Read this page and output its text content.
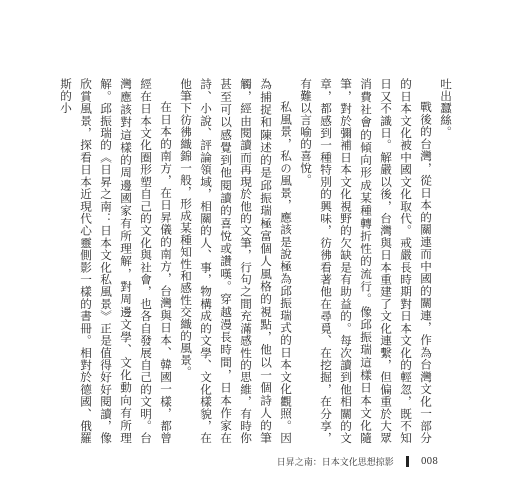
吐出蠶絲。

戰後的台灣，從日本的關連而中國的關連，作為台灣文化一部分的日本文化被中國文化取代。戒嚴長時期對日本文化的輕忽，既不知日又不識日。解嚴以後，台灣與日本重建了文化連繫，但偏重於大眾消費社會的傾向形成某種轉折性的流行。像邱振瑞這樣日本文化隨筆，對於彌補日本文化視野的欠缺是有助益的。每次讀到他相關的文章，都感到一種特別的興味，彷彿看著他在尋覓、在挖掘，在分享，有難以言喻的喜悅。

私風景，私の風景，應該是說極為邱振瑞式的日本文化觀照。因為捕捉和陳述的是邱振瑞極富個人風格的視點，他以一個詩人的筆觸，經由閱讀而再現於他的文筆，行句之間充滿感性的思維，有時你甚至可以感覺到他閱讀的喜悅或讚嘆。穿越漫長時間，日本作家在詩、小說、評論領域，相關的人、事，物構成的文學、文化樣貌，在他筆下彷彿織錦一般，形成某種知性和感性交織的風景。

在日本的南方，在日昇儀的南方，台灣與日本、韓國一樣，都曾經在日本文化圈形塑自己的文化與社會，也各自發展自己的文明。台灣應該對這樣的周邊國家有所理解，對周邊文學、文化動向有所理解。邱振瑞的《日昇之南：日本文化私風景》正是值得好好閱讀，像欣賞風景，探看日本近現代心靈側影一樣的書冊。相對於德國、俄羅斯的小

日昇之南：日本文化思想掠影	008
